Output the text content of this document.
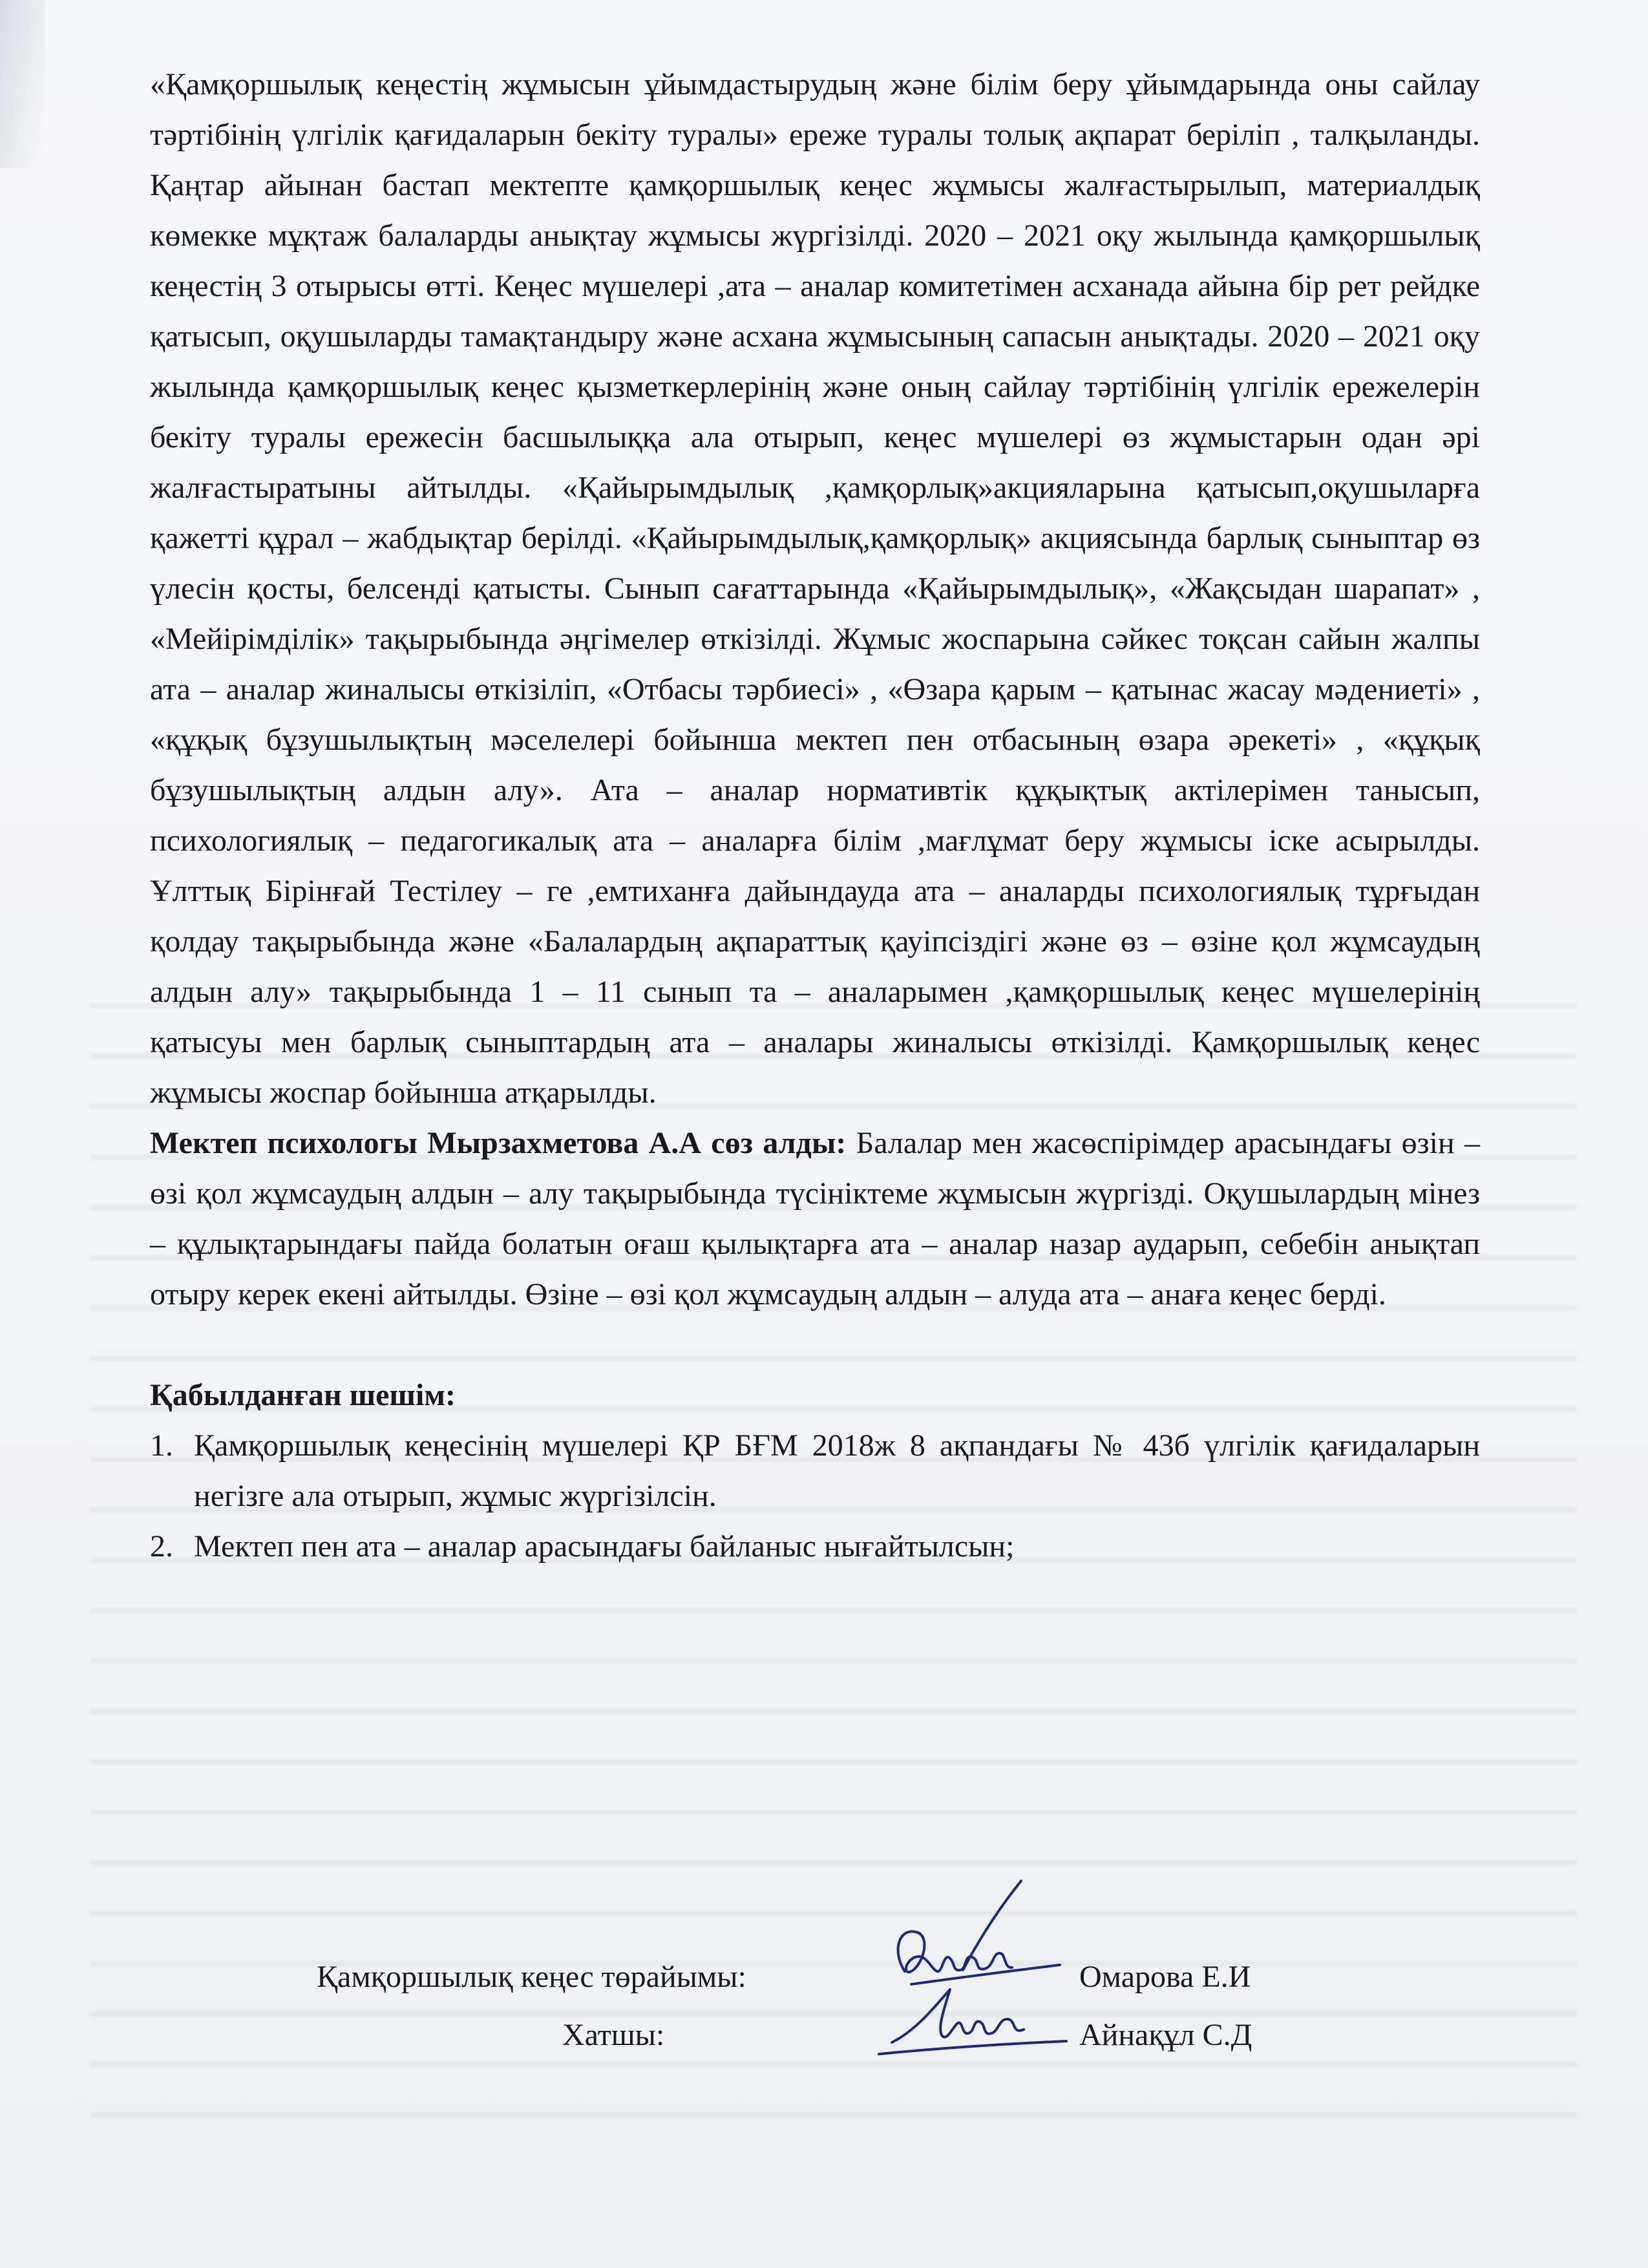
«Қамқоршылық кеңестің жұмысын ұйымдастырудың және білім беру ұйымдарында оны сайлау тәртібінің үлгілік қағидаларын бекіту туралы» ереже туралы толық ақпарат беріліп , талқыланды. Қаңтар айынан бастап мектепте қамқоршылық кеңес жұмысы жалғастырылып, материалдық көмекке мұқтаж балаларды анықтау жұмысы жүргізілді. 2020 – 2021 оқу жылында қамқоршылық кеңестің 3 отырысы өтті. Кеңес мүшелері ,ата – аналар комитетімен асханада айына бір рет рейдке қатысып, оқушыларды тамақтандыру және асхана жұмысының сапасын анықтады. 2020 – 2021 оқу жылында қамқоршылық кеңес қызметкерлерінің және оның сайлау тәртібінің үлгілік ережелерін бекіту туралы ережесін басшылыққа ала отырып, кеңес мүшелері өз жұмыстарын одан әрі жалғастыратыны айтылды. «Қайырымдылық ,қамқорлық»акцияларына қатысып,оқушыларға қажетті құрал – жабдықтар берілді. «Қайырымдылық,қамқорлық» акциясында барлық сыныптар өз үлесін қосты, белсенді қатысты. Сынып сағаттарында «Қайырымдылық», «Жақсыдан шарапат» , «Мейірімділік» тақырыбында әңгімелер өткізілді. Жұмыс жоспарына сәйкес тоқсан сайын жалпы ата – аналар жиналысы өткізіліп, «Отбасы тәрбиесі» , «Өзара қарым – қатынас жасау мәдениеті» , «құқық бұзушылықтың мәселелері бойынша мектеп пен отбасының өзара әрекеті» , «құқық бұзушылықтың алдын алу». Ата – аналар нормативтік құқықтық актілерімен танысып, психологиялық – педагогикалық ата – аналарға білім ,мағлұмат беру жұмысы іске асырылды. Ұлттық Бірінғай Тестілеу – ге ,емтиханға дайындауда ата – аналарды психологиялық тұрғыдан қолдау тақырыбында және «Балалардың ақпараттық қауіпсіздігі және өз – өзіне қол жұмсаудың алдын алу» тақырыбында 1 – 11 сынып та – аналарымен ,қамқоршылық кеңес мүшелерінің қатысуы мен барлық сыныптардың ата – аналары жиналысы өткізілді. Қамқоршылық кеңес жұмысы жоспар бойынша атқарылды.

Мектеп психологы Мырзахметова А.А сөз алды: Балалар мен жасөспірімдер арасындағы өзін – өзі қол жұмсаудың алдын – алу тақырыбында түсініктеме жұмысын жүргізді. Оқушылардың мінез – құлықтарындағы пайда болатын оғаш қылықтарға ата – аналар назар аударып, себебін анықтап отыру керек екені айтылды. Өзіне – өзі қол жұмсаудың алдын – алуда ата – анаға кеңес берді.

Қабылданған шешім:

1. Қамқоршылық кеңесінің мүшелері ҚР БҒМ 2018ж 8 ақпандағы № 43б үлгілік қағидаларын негізге ала отырып, жұмыс жүргізілсін.
2. Мектеп пен ата – аналар арасындағы байланыс нығайтылсын;
Қамқоршылық кеңес төрайымы:	Омарова Е.И
Хатшы:	Айнақұл С.Д
